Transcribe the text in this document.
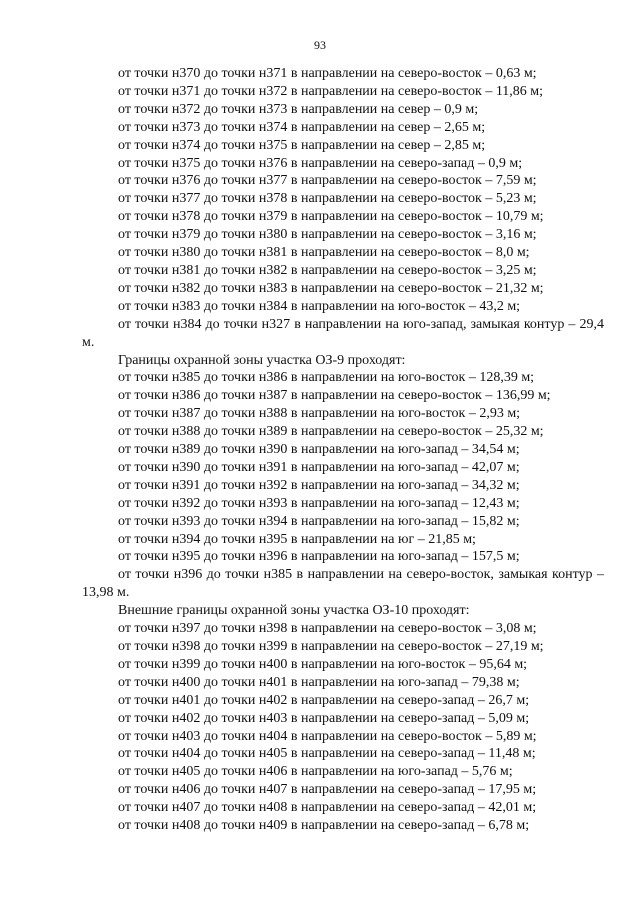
93
от точки н370 до точки н371 в направлении на северо-восток – 0,63 м;
от точки н371 до точки н372 в направлении на северо-восток – 11,86 м;
от точки н372 до точки н373 в направлении на север – 0,9 м;
от точки н373 до точки н374 в направлении на север – 2,65 м;
от точки н374 до точки н375 в направлении на север – 2,85 м;
от точки н375 до точки н376 в направлении на северо-запад – 0,9 м;
от точки н376 до точки н377 в направлении на северо-восток – 7,59 м;
от точки н377 до точки н378 в направлении на северо-восток – 5,23 м;
от точки н378 до точки н379 в направлении на северо-восток – 10,79 м;
от точки н379 до точки н380 в направлении на северо-восток – 3,16 м;
от точки н380 до точки н381 в направлении на северо-восток – 8,0 м;
от точки н381 до точки н382 в направлении на северо-восток – 3,25 м;
от точки н382 до точки н383 в направлении на северо-восток – 21,32 м;
от точки н383 до точки н384 в направлении на юго-восток – 43,2 м;
от точки н384 до точки н327 в направлении на юго-запад, замыкая контур – 29,4 м.
Границы охранной зоны участка ОЗ-9 проходят:
от точки н385 до точки н386 в направлении на юго-восток – 128,39 м;
от точки н386 до точки н387 в направлении на северо-восток – 136,99 м;
от точки н387 до точки н388 в направлении на юго-восток – 2,93 м;
от точки н388 до точки н389 в направлении на северо-восток – 25,32 м;
от точки н389 до точки н390 в направлении на юго-запад – 34,54 м;
от точки н390 до точки н391 в направлении на юго-запад – 42,07 м;
от точки н391 до точки н392 в направлении на юго-запад – 34,32 м;
от точки н392 до точки н393 в направлении на юго-запад – 12,43 м;
от точки н393 до точки н394 в направлении на юго-запад – 15,82 м;
от точки н394 до точки н395 в направлении на юг – 21,85 м;
от точки н395 до точки н396 в направлении на юго-запад – 157,5 м;
от точки н396 до точки н385 в направлении на северо-восток, замыкая контур – 13,98 м.
Внешние границы охранной зоны участка ОЗ-10 проходят:
от точки н397 до точки н398 в направлении на северо-восток – 3,08 м;
от точки н398 до точки н399 в направлении на северо-восток – 27,19 м;
от точки н399 до точки н400 в направлении на юго-восток – 95,64 м;
от точки н400 до точки н401 в направлении на юго-запад – 79,38 м;
от точки н401 до точки н402 в направлении на северо-запад – 26,7 м;
от точки н402 до точки н403 в направлении на северо-запад – 5,09 м;
от точки н403 до точки н404 в направлении на северо-восток – 5,89 м;
от точки н404 до точки н405 в направлении на северо-запад – 11,48 м;
от точки н405 до точки н406 в направлении на юго-запад – 5,76 м;
от точки н406 до точки н407 в направлении на северо-запад – 17,95 м;
от точки н407 до точки н408 в направлении на северо-запад – 42,01 м;
от точки н408 до точки н409 в направлении на северо-запад – 6,78 м;
